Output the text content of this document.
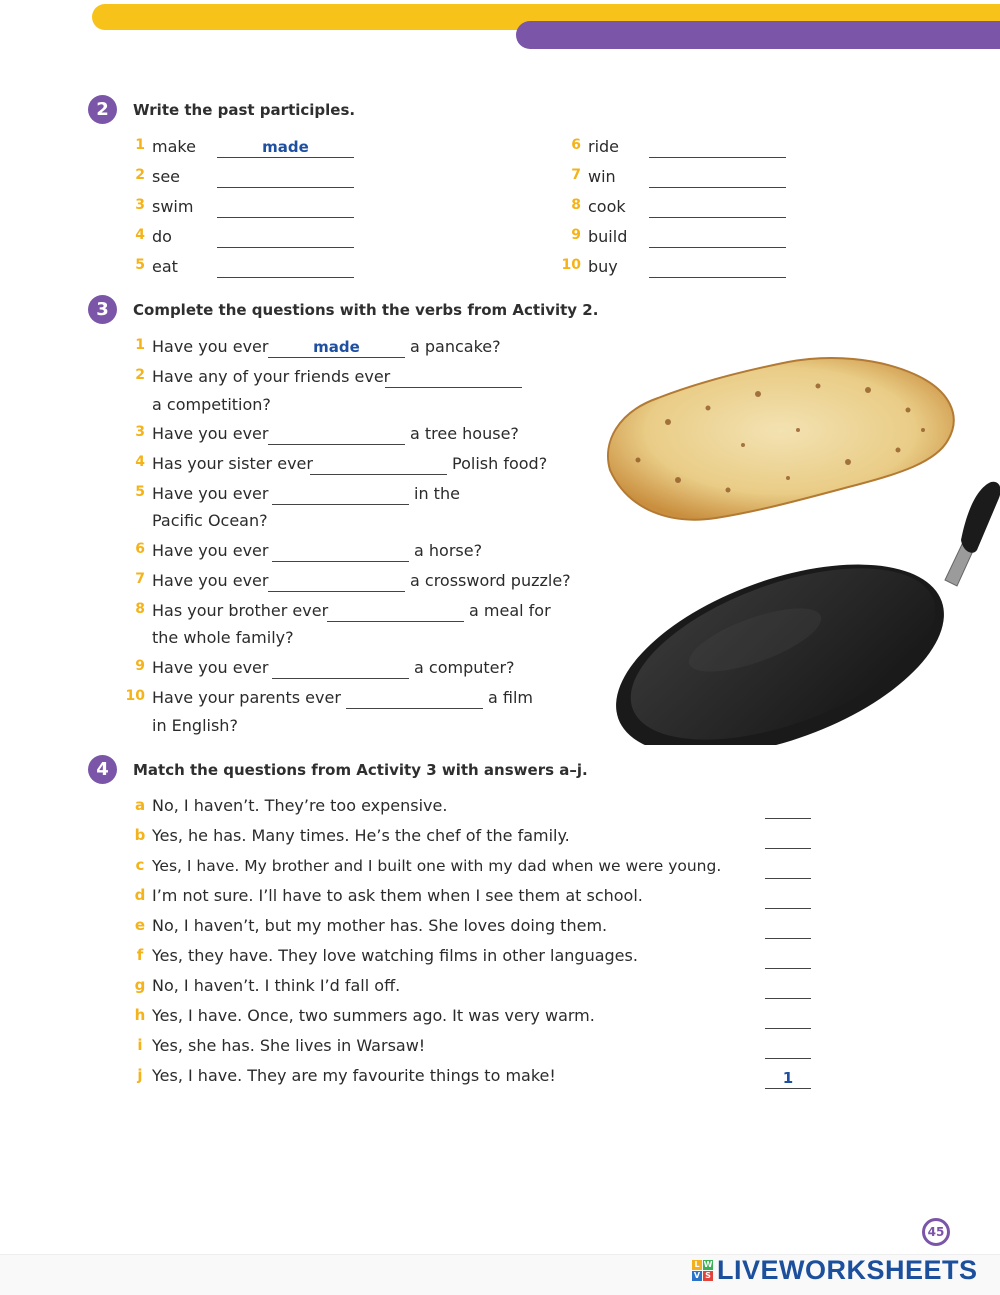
2	Write the past participles.
1 make	made
2 see
3 swim
4 do
5 eat
6 ride
7 win
8 cook
9 build
10 buy
3	Complete the questions with the verbs from Activity 2.
1 Have you ever	made	a pancake?
2 Have any of your friends ever
a competition?
3 Have you ever	a tree house?
4 Has your sister ever	Polish food?
5 Have you ever	in the
Pacific Ocean?
6 Have you ever	a horse?
7 Have you ever	a crossword puzzle?
8 Has your brother ever	a meal for
the whole family?
9 Have you ever	a computer?
10 Have your parents ever	a film
in English?
4	Match the questions from Activity 3 with answers a–j.
a No, I haven’t. They’re too expensive.
b Yes, he has. Many times. He’s the chef of the family.
c Yes, I have. My brother and I built one with my dad when we were young.
d I’m not sure. I’ll have to ask them when I see them at school.
e No, I haven’t, but my mother has. She loves doing them.
f Yes, they have. They love watching films in other languages.
g No, I haven’t. I think I’d fall off.
h Yes, I have. Once, two summers ago. It was very warm.
i Yes, she has. She lives in Warsaw!
j Yes, I have. They are my favourite things to make!	1
45
L W
V S LIVEWORKSHEETS
